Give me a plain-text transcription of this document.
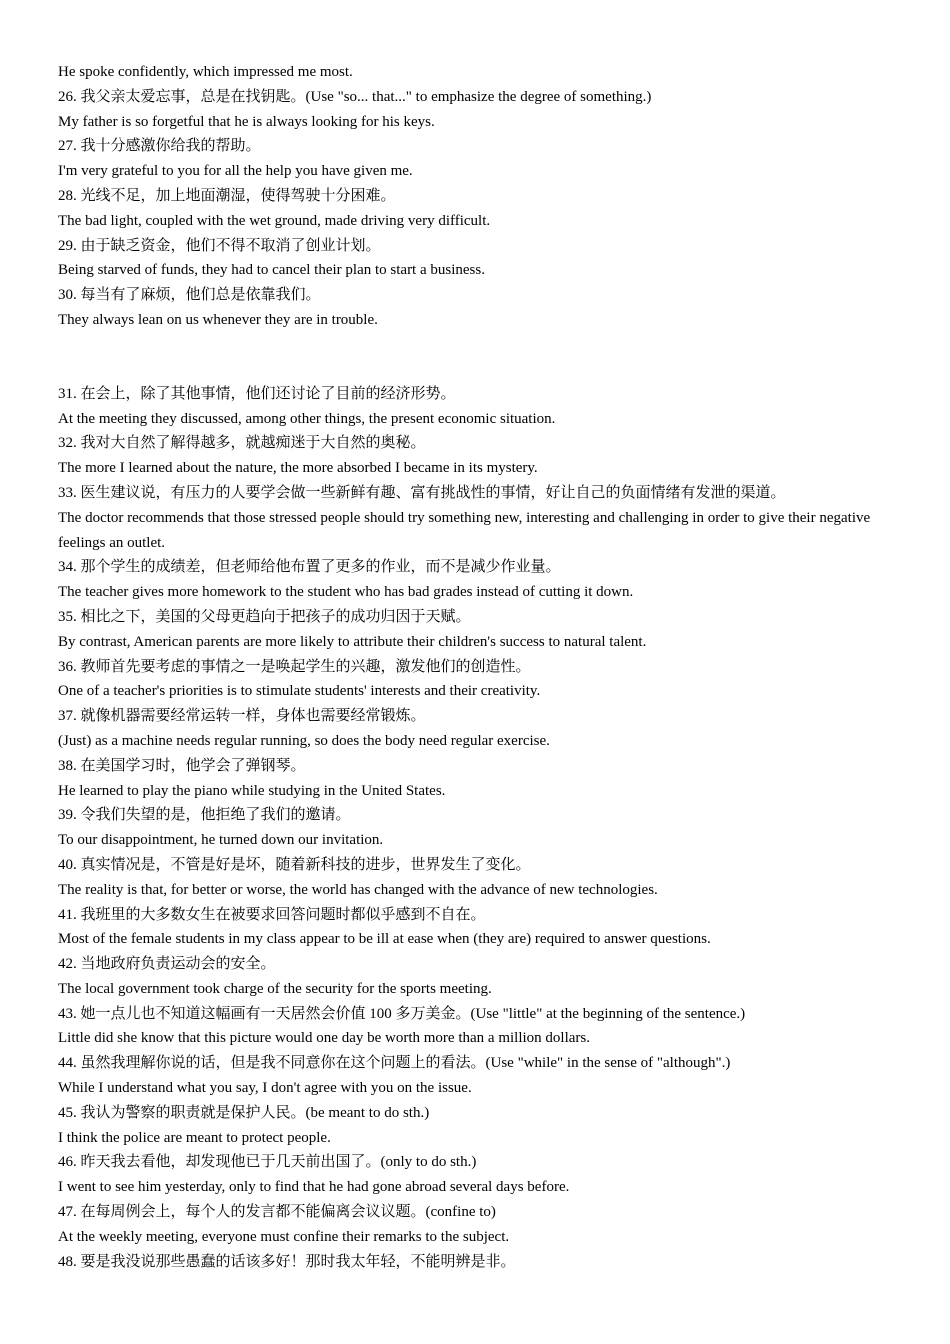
He spoke confidently, which impressed me most.

26. 我父亲太爱忘事，总是在找钥匙。(Use "so... that..." to emphasize the degree of something.)

My father is so forgetful that he is always looking for his keys.

27. 我十分感激你给我的帮助。

I'm very grateful to you for all the help you have given me.

28. 光线不足，加上地面潮湿，使得驾驶十分困难。

The bad light, coupled with the wet ground, made driving very difficult.

29. 由于缺乏资金，他们不得不取消了创业计划。

Being starved of funds, they had to cancel their plan to start a business.

30. 每当有了麻烦，他们总是依靠我们。

They always lean on us whenever they are in trouble.

31. 在会上，除了其他事情，他们还讨论了目前的经济形势。

At the meeting they discussed, among other things, the present economic situation.

32. 我对大自然了解得越多，就越痴迷于大自然的奥秘。

The more I learned about the nature, the more absorbed I became in its mystery.

33. 医生建议说，有压力的人要学会做一些新鲜有趣、富有挑战性的事情，好让自己的负面情绪有发泄的渠道。

The doctor recommends that those stressed people should try something new, interesting and challenging in order to give their negative feelings an outlet.

34. 那个学生的成绩差，但老师给他布置了更多的作业，而不是减少作业量。

The teacher gives more homework to the student who has bad grades instead of cutting it down.

35. 相比之下，美国的父母更趋向于把孩子的成功归因于天赋。

By contrast, American parents are more likely to attribute their children's success to natural talent.

36. 教师首先要考虑的事情之一是唤起学生的兴趣，激发他们的创造性。

One of a teacher's priorities is to stimulate students' interests and their creativity.

37. 就像机器需要经常运转一样，身体也需要经常锻炼。

(Just) as a machine needs regular running, so does the body need regular exercise.

38. 在美国学习时，他学会了弹钢琴。

He learned to play the piano while studying in the United States.

39. 令我们失望的是，他拒绝了我们的邀请。

To our disappointment, he turned down our invitation.

40. 真实情况是，不管是好是坏，随着新科技的进步，世界发生了变化。

The reality is that, for better or worse, the world has changed with the advance of new technologies.

41. 我班里的大多数女生在被要求回答问题时都似乎感到不自在。

Most of the female students in my class appear to be ill at ease when (they are) required to answer questions.

42. 当地政府负责运动会的安全。

The local government took charge of the security for the sports meeting.

43. 她一点儿也不知道这幅画有一天居然会价值 100 多万美金。(Use "little" at the beginning of the sentence.)

Little did she know that this picture would one day be worth more than a million dollars.

44. 虽然我理解你说的话，但是我不同意你在这个问题上的看法。(Use "while" in the sense of "although".)

While I understand what you say, I don't agree with you on the issue.

45. 我认为警察的职责就是保护人民。(be meant to do sth.)

I think the police are meant to protect people.

46. 昨天我去看他，却发现他已于几天前出国了。(only to do sth.)

I went to see him yesterday, only to find that he had gone abroad several days before.

47. 在每周例会上，每个人的发言都不能偏离会议议题。(confine to)

At the weekly meeting, everyone must confine their remarks to the subject.

48. 要是我没说那些愚蠢的话该多好！那时我太年轻，不能明辨是非。
